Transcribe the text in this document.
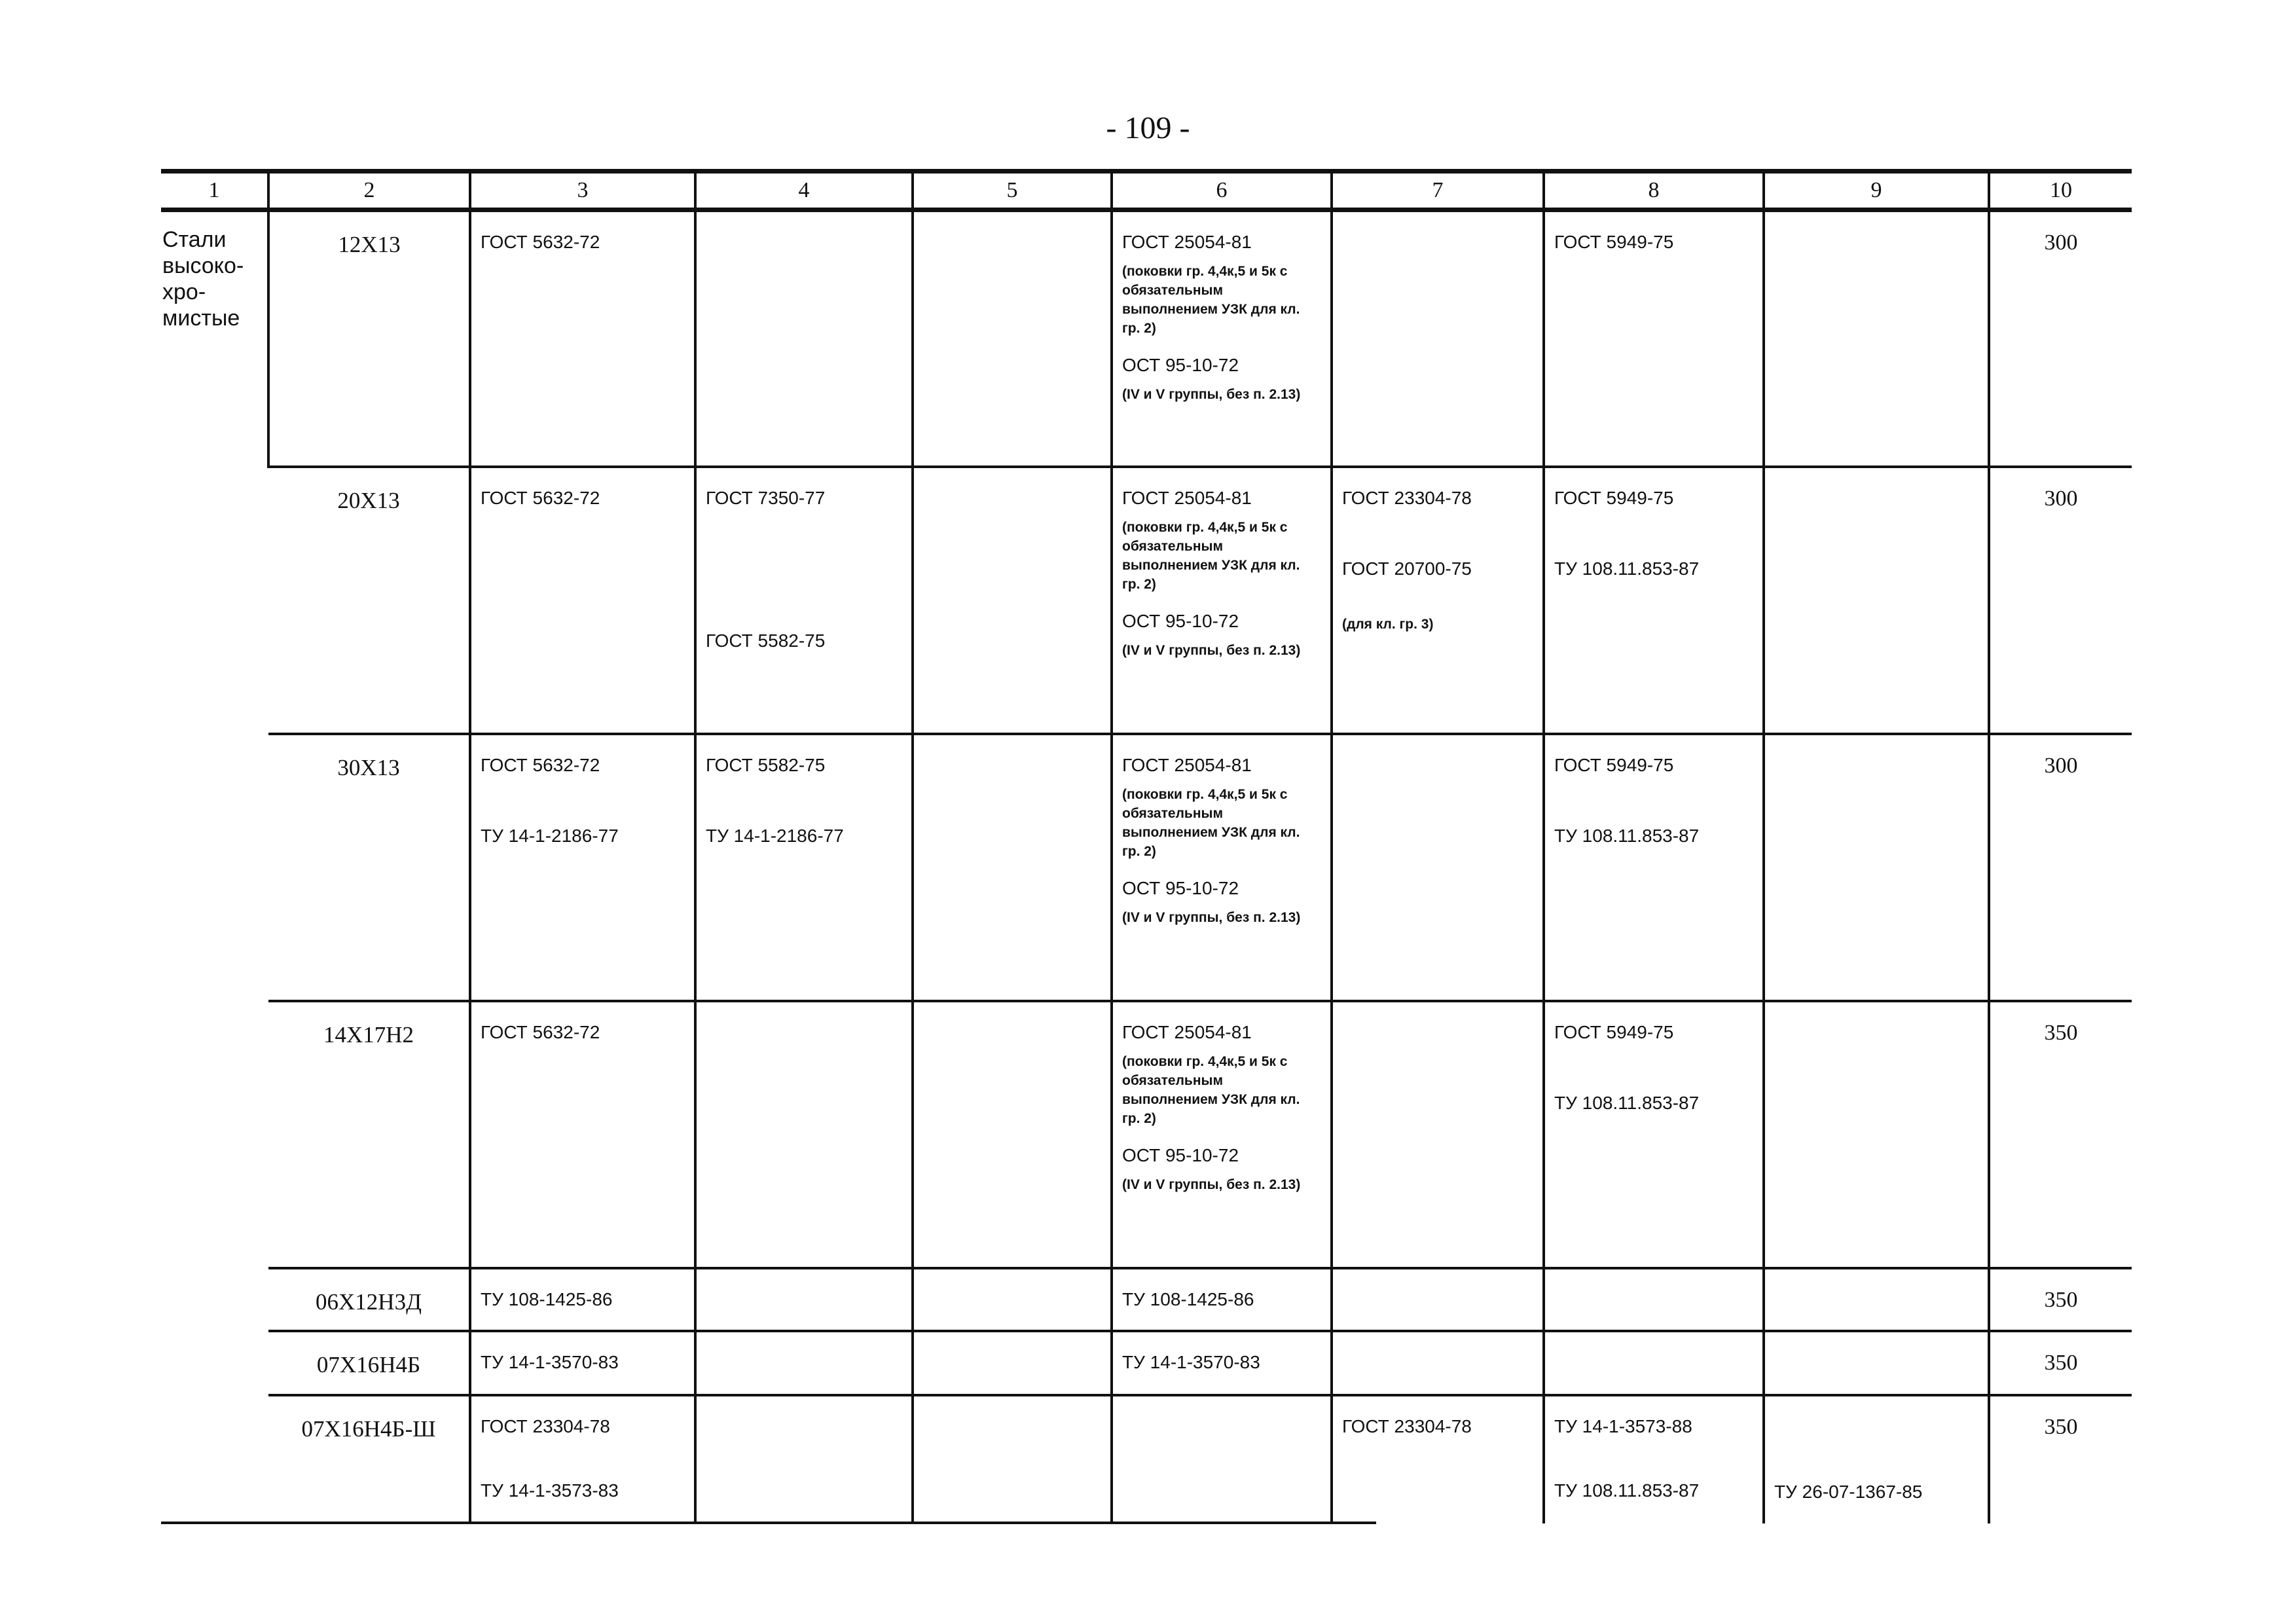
- 109 -
1	2	3	4	5	6	7	8	9	10

Стали
высоко-
хро-
мистые	12Х13	ГОСТ 5632-72			ГОСТ 25054-81
(поковки гр. 4,4к,5 и 5к с обязательным выполнением УЗК для кл. гр. 2)
ОСТ 95-10-72
(IV и V группы, без п. 2.13)		ГОСТ 5949-75		300
	20Х13	ГОСТ 5632-72	ГОСТ 7350-77
ГОСТ 5582-75		ГОСТ 25054-81
(поковки гр. 4,4к,5 и 5к с обязательным выполнением УЗК для кл. гр. 2)
ОСТ 95-10-72
(IV и V группы, без п. 2.13)	ГОСТ 23304-78
ГОСТ 20700-75
(для кл. гр. 3)	ГОСТ 5949-75
ТУ 108.11.853-87		300
	30Х13	ГОСТ 5632-72
ТУ 14-1-2186-77	ГОСТ 5582-75
ТУ 14-1-2186-77		ГОСТ 25054-81
(поковки гр. 4,4к,5 и 5к с обязательным выполнением УЗК для кл. гр. 2)
ОСТ 95-10-72
(IV и V группы, без п. 2.13)		ГОСТ 5949-75
ТУ 108.11.853-87		300
	14Х17Н2	ГОСТ 5632-72			ГОСТ 25054-81
(поковки гр. 4,4к,5 и 5к с обязательным выполнением УЗК для кл. гр. 2)
ОСТ 95-10-72
(IV и V группы, без п. 2.13)		ГОСТ 5949-75
ТУ 108.11.853-87		350
	06Х12Н3Д	ТУ 108-1425-86			ТУ 108-1425-86				350
	07Х16Н4Б	ТУ 14-1-3570-83			ТУ 14-1-3570-83				350
	07Х16Н4Б-Ш	ГОСТ 23304-78
ТУ 14-1-3573-83				ГОСТ 23304-78	ТУ 14-1-3573-88
ТУ 108.11.853-87	ТУ 26-07-1367-85	350
